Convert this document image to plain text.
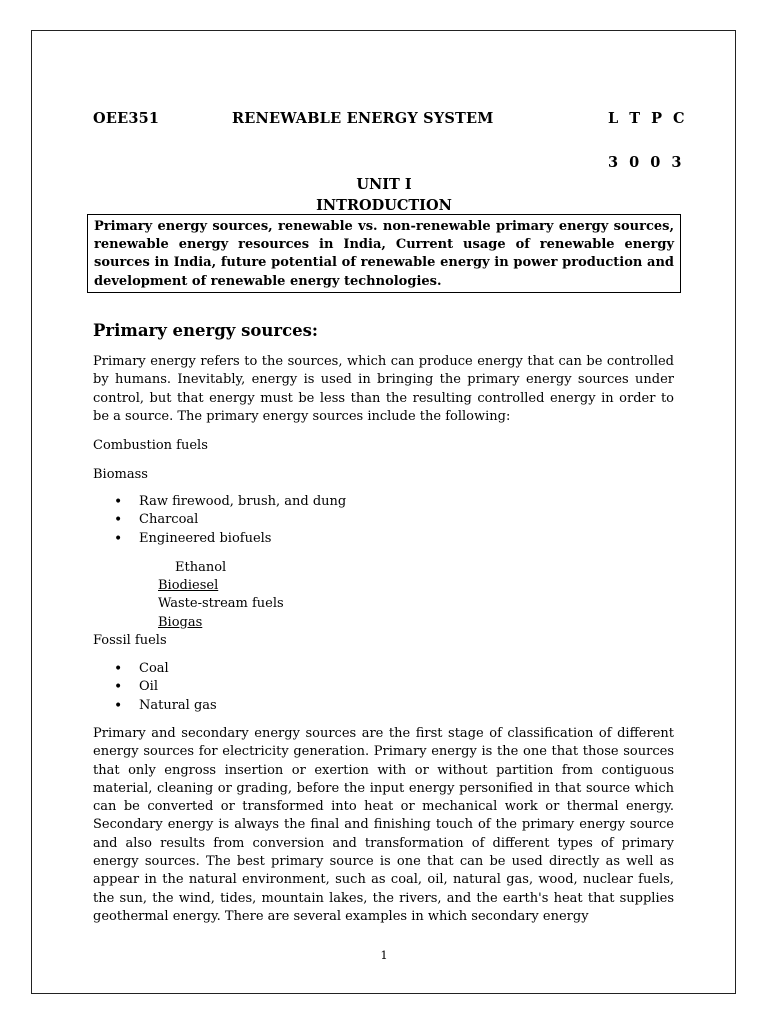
OEE351	RENEWABLE ENERGY SYSTEM	L T P C
3 0 0 3
UNIT I
INTRODUCTION
Primary energy sources, renewable vs. non-renewable primary energy sources, renewable energy resources in India, Current usage of renewable energy sources in India, future potential of renewable energy in power production and development of renewable energy technologies.
Primary energy sources:

Primary energy refers to the sources, which can produce energy that can be controlled by humans. Inevitably, energy is used in bringing the primary energy sources under control, but that energy must be less than the resulting controlled energy in order to be a source. The primary energy sources include the following:

Combustion fuels
Biomass
• Raw firewood, brush, and dung
• Charcoal
• Engineered biofuels
Ethanol
Biodiesel
Waste-stream fuels
Biogas
Fossil fuels
• Coal
• Oil
• Natural gas

Primary and secondary energy sources are the first stage of classification of different energy sources for electricity generation. Primary energy is the one that those sources that only engross insertion or exertion with or without partition from contiguous material, cleaning or grading, before the input energy personified in that source which can be converted or transformed into heat or mechanical work or thermal energy. Secondary energy is always the final and finishing touch of the primary energy source and also results from conversion and transformation of different types of primary energy sources. The best primary source is one that can be used directly as well as appear in the natural environment, such as coal, oil, natural gas, wood, nuclear fuels, the sun, the wind, tides, mountain lakes, the rivers, and the earth's heat that supplies geothermal energy. There are several examples in which secondary energy

1
